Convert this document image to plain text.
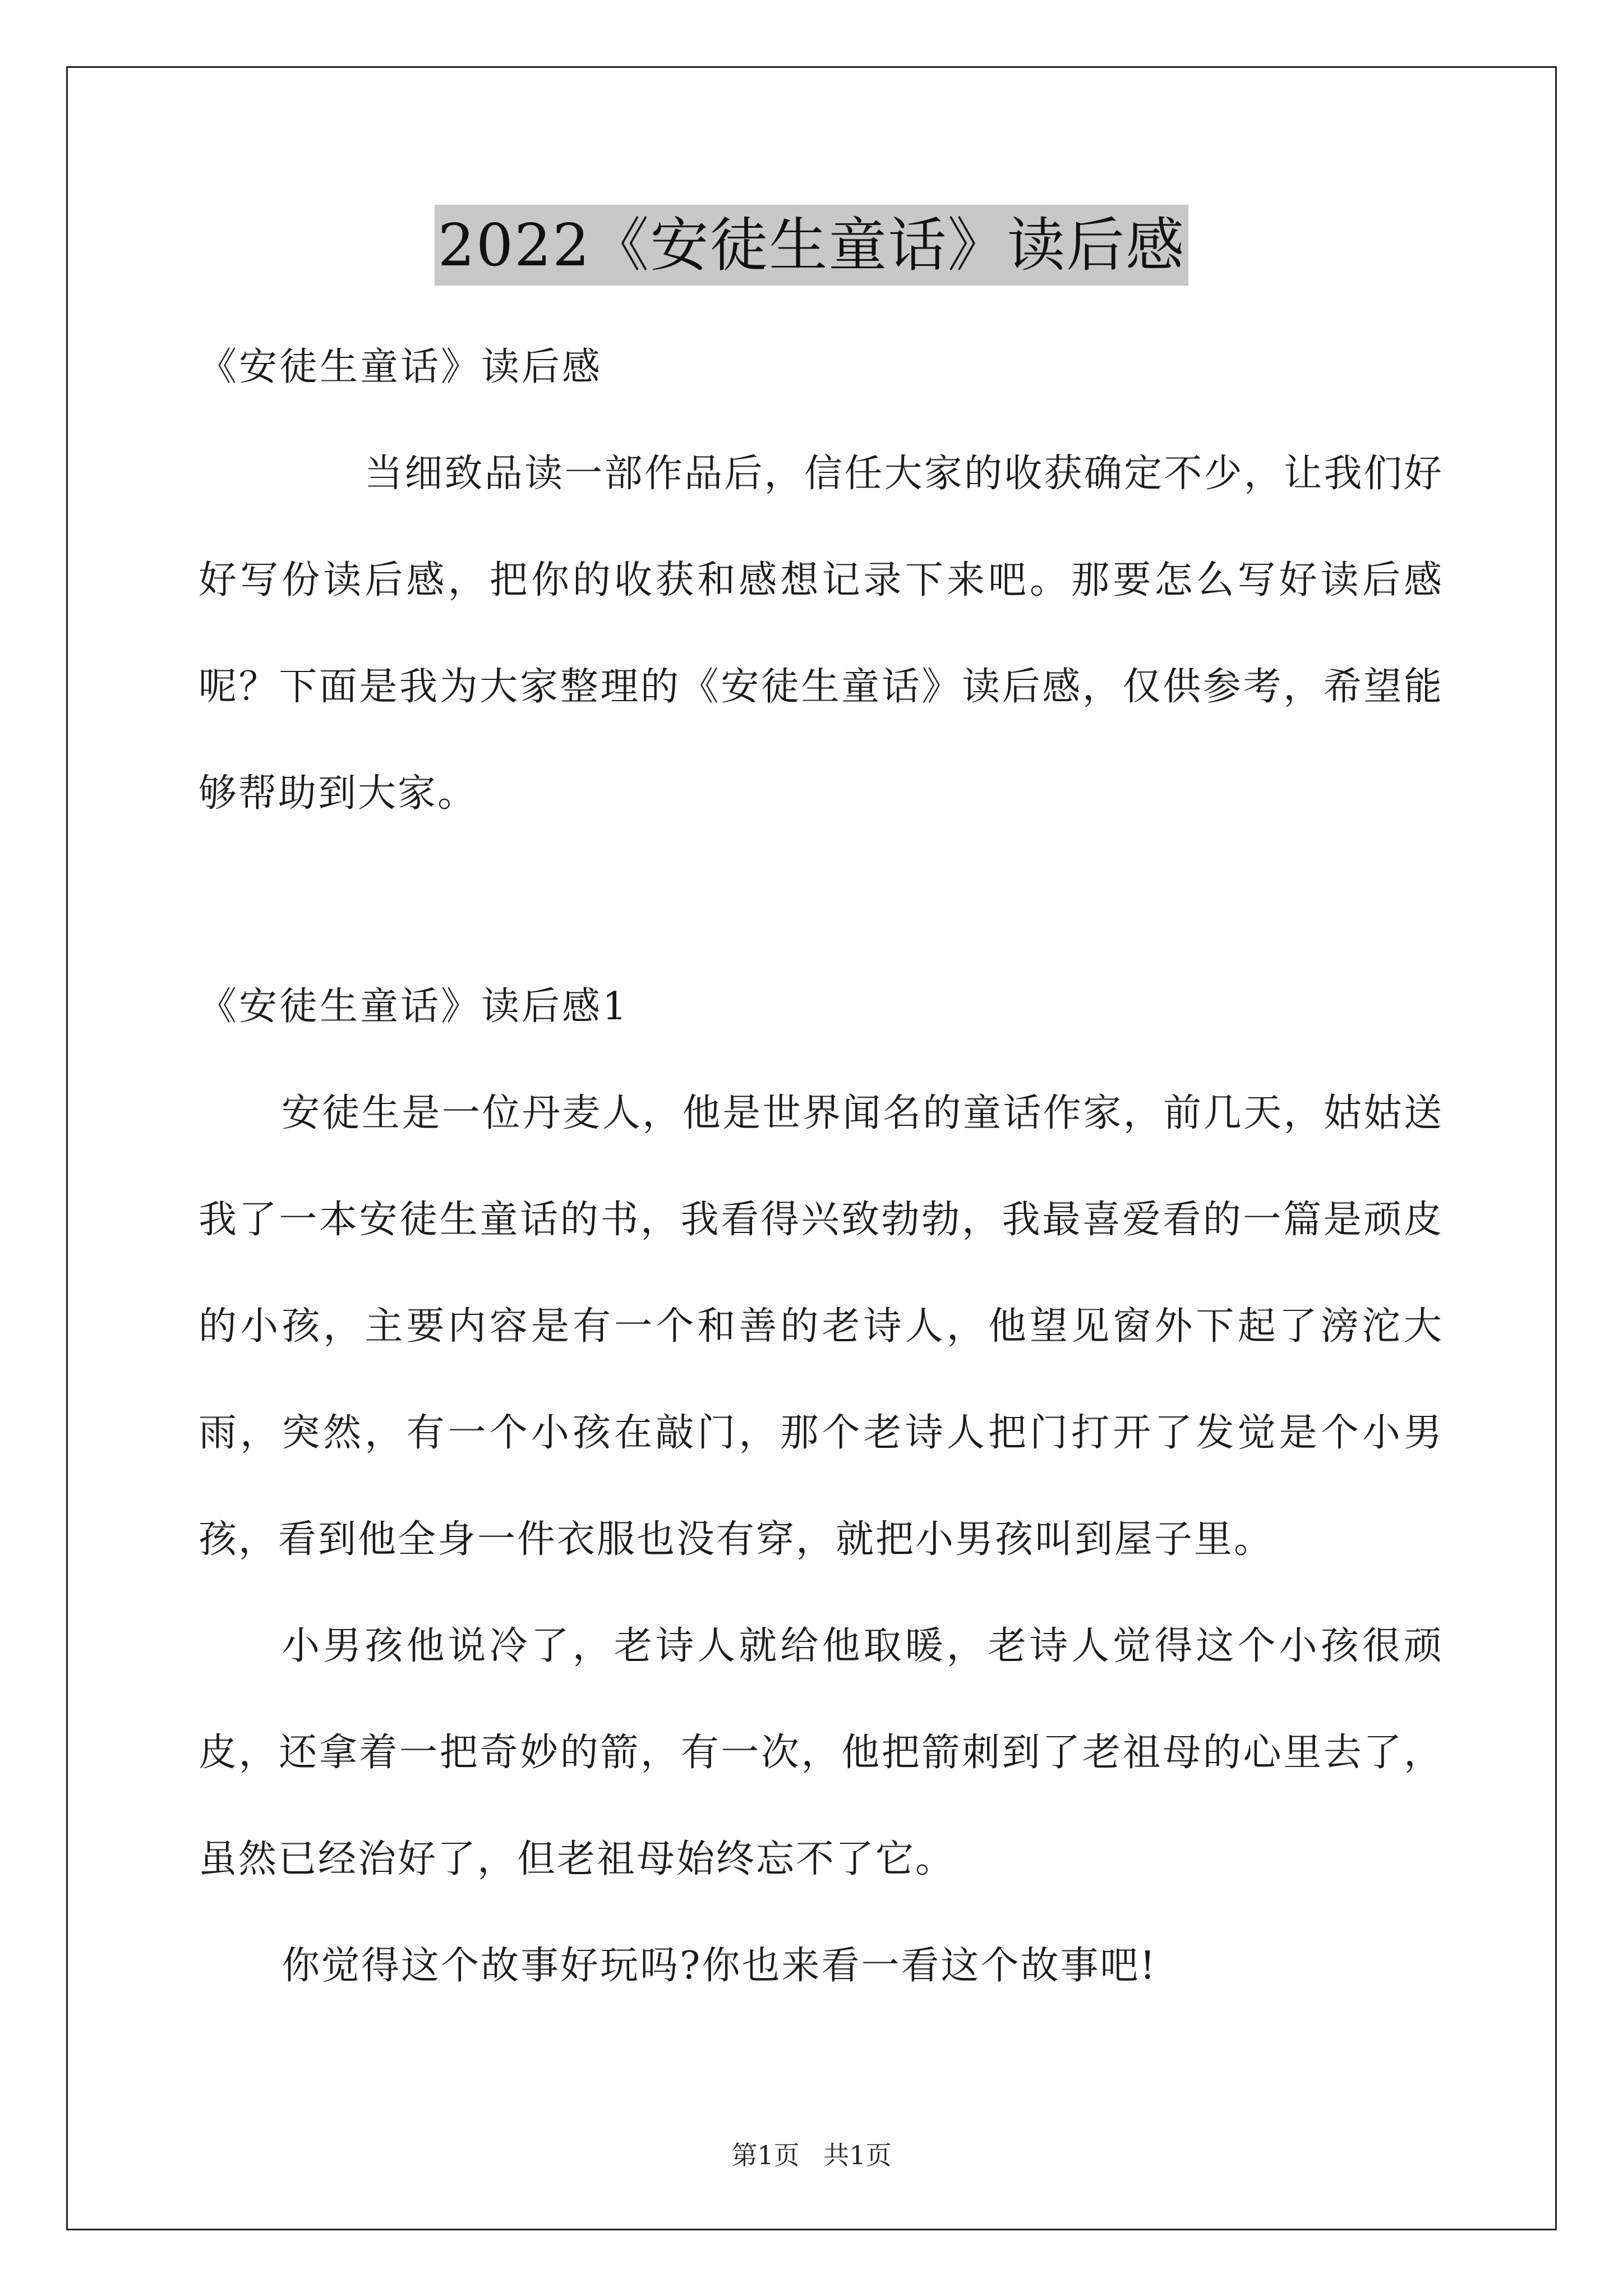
2022《安徒生童话》读后感

《安徒生童话》读后感

当细致品读一部作品后，信任大家的收获确定不少，让我们好好写份读后感，把你的收获和感想记录下来吧。那要怎么写好读后感呢？下面是我为大家整理的《安徒生童话》读后感，仅供参考，希望能够帮助到大家。

《安徒生童话》读后感1

安徒生是一位丹麦人，他是世界闻名的童话作家，前几天，姑姑送我了一本安徒生童话的书，我看得兴致勃勃，我最喜爱看的一篇是顽皮的小孩，主要内容是有一个和善的老诗人，他望见窗外下起了滂沱大雨，突然，有一个小孩在敲门，那个老诗人把门打开了发觉是个小男孩，看到他全身一件衣服也没有穿，就把小男孩叫到屋子里。

小男孩他说冷了，老诗人就给他取暖，老诗人觉得这个小孩很顽皮，还拿着一把奇妙的箭，有一次，他把箭刺到了老祖母的心里去了，虽然已经治好了，但老祖母始终忘不了它。

你觉得这个故事好玩吗?你也来看一看这个故事吧!

第1页 共1页
